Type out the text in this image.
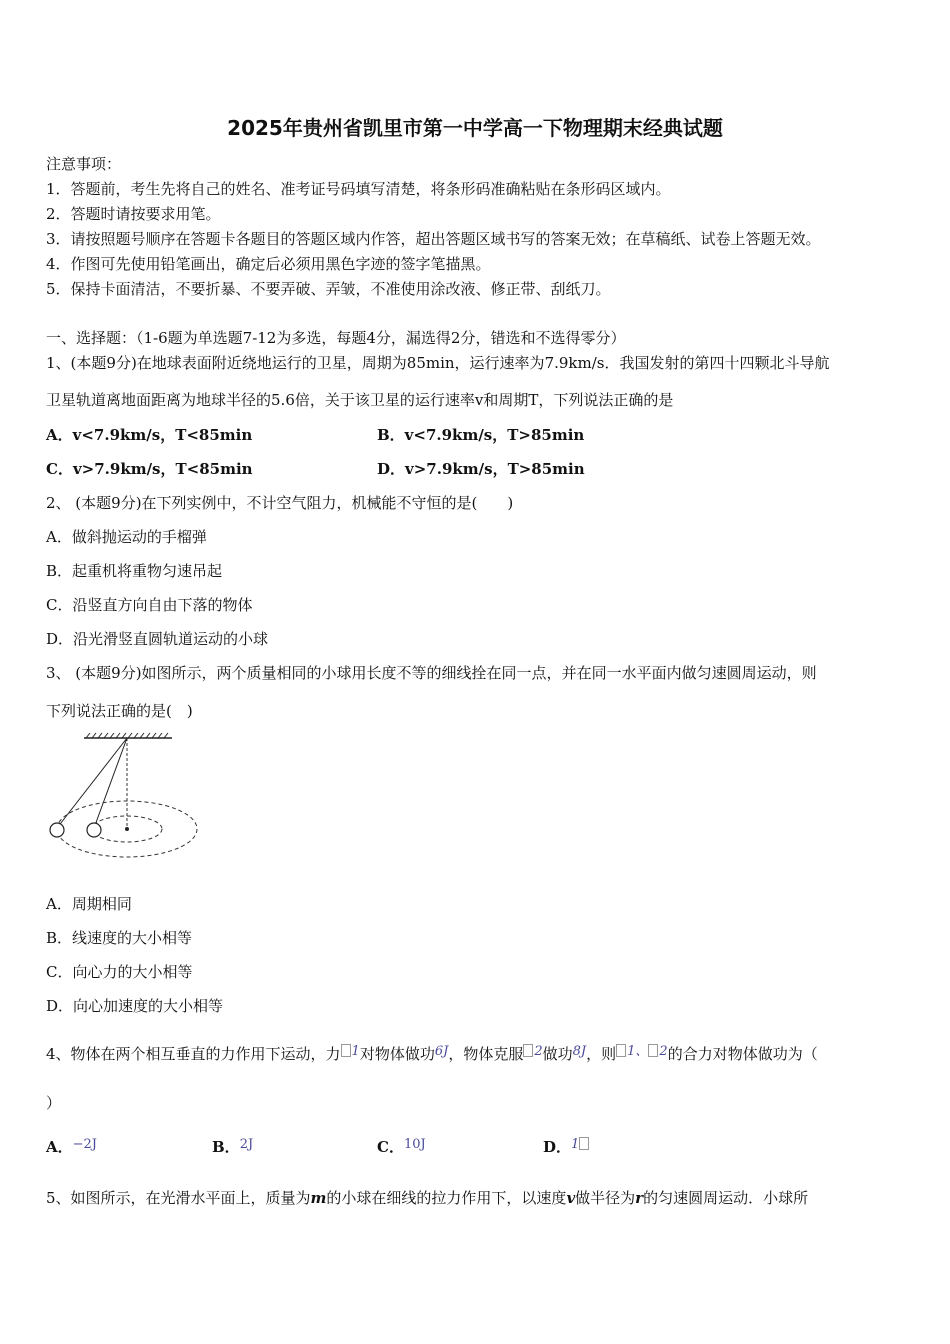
2025年贵州省凯里市第一中学高一下物理期末经典试题
注意事项：
1．答题前，考生先将自己的姓名、准考证号码填写清楚，将条形码准确粘贴在条形码区域内。
2．答题时请按要求用笔。
3．请按照题号顺序在答题卡各题目的答题区域内作答，超出答题区域书写的答案无效；在草稿纸、试卷上答题无效。
4．作图可先使用铅笔画出，确定后必须用黑色字迹的签字笔描黑。
5．保持卡面清洁，不要折暴、不要弄破、弄皱，不准使用涂改液、修正带、刮纸刀。
一、选择题：（1-6题为单选题7-12为多选，每题4分，漏选得2分，错选和不选得零分）
1、(本题9分)在地球表面附近绕地运行的卫星，周期为85min，运行速率为7.9km/s．我国发射的第四十四颗北斗导航
卫星轨道离地面距离为地球半径的5.6倍，关于该卫星的运行速率v和周期T，下列说法正确的是
A．v<7.9km/s，T<85min	B．v<7.9km/s，T>85min
C．v>7.9km/s，T<85min	D．v>7.9km/s，T>85min
2、 (本题9分)在下列实例中，不计空气阻力，机械能不守恒的是(　　)
A．做斜抛运动的手榴弹
B．起重机将重物匀速吊起
C．沿竖直方向自由下落的物体
D．沿光滑竖直圆轨道运动的小球
3、 (本题9分)如图所示，两个质量相同的小球用长度不等的细线拴在同一点，并在同一水平面内做匀速圆周运动，则
下列说法正确的是(　)
A．周期相同
B．线速度的大小相等
C．向心力的大小相等
D．向心加速度的大小相等
4、物体在两个相互垂直的力作用下运动，力 1对物体做功6J，物体克服 2做功8J，则 1、 2的合力对物体做功为（
）
A．−2J	B．2J	C．10J	D．1
5、如图所示，在光滑水平面上，质量为m的小球在细线的拉力作用下，以速度v做半径为r的匀速圆周运动．小球所
